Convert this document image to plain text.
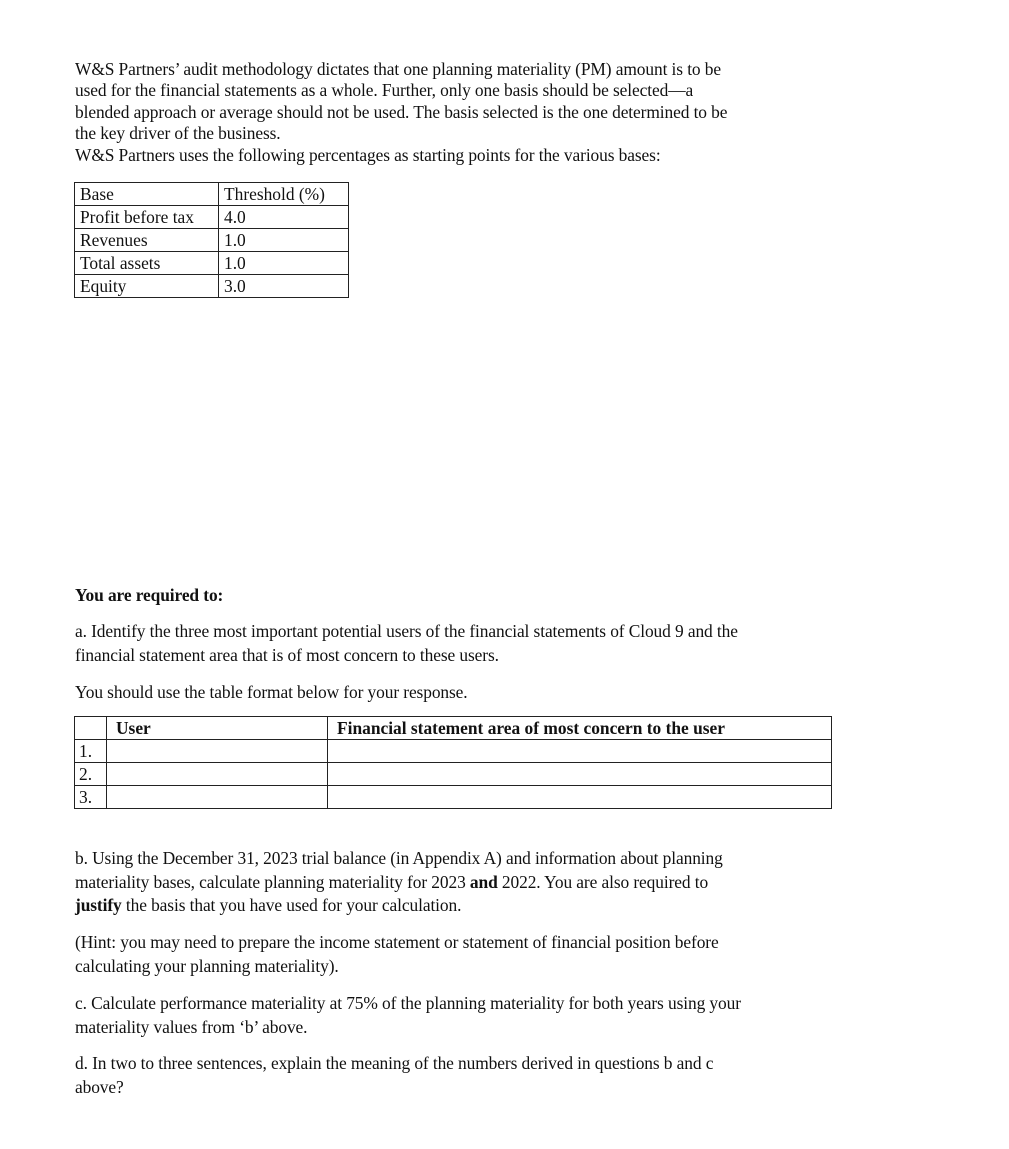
W&S Partners’ audit methodology dictates that one planning materiality (PM) amount is to be
used for the financial statements as a whole. Further, only one basis should be selected—a
blended approach or average should not be used. The basis selected is the one determined to be
the key driver of the business.
W&S Partners uses the following percentages as starting points for the various bases:
Base	Threshold (%)
Profit before tax	4.0
Revenues	1.0
Total assets	1.0
Equity	3.0
You are required to:
a. Identify the three most important potential users of the financial statements of Cloud 9 and the
financial statement area that is of most concern to these users.
You should use the table format below for your response.
	User	Financial statement area of most concern to the user
1.		
2.		
3.		
b. Using the December 31, 2023 trial balance (in Appendix A) and information about planning
materiality bases, calculate planning materiality for 2023 and 2022. You are also required to
justify the basis that you have used for your calculation.
(Hint: you may need to prepare the income statement or statement of financial position before
calculating your planning materiality).
c. Calculate performance materiality at 75% of the planning materiality for both years using your
materiality values from ‘b’ above.
d. In two to three sentences, explain the meaning of the numbers derived in questions b and c
above?
